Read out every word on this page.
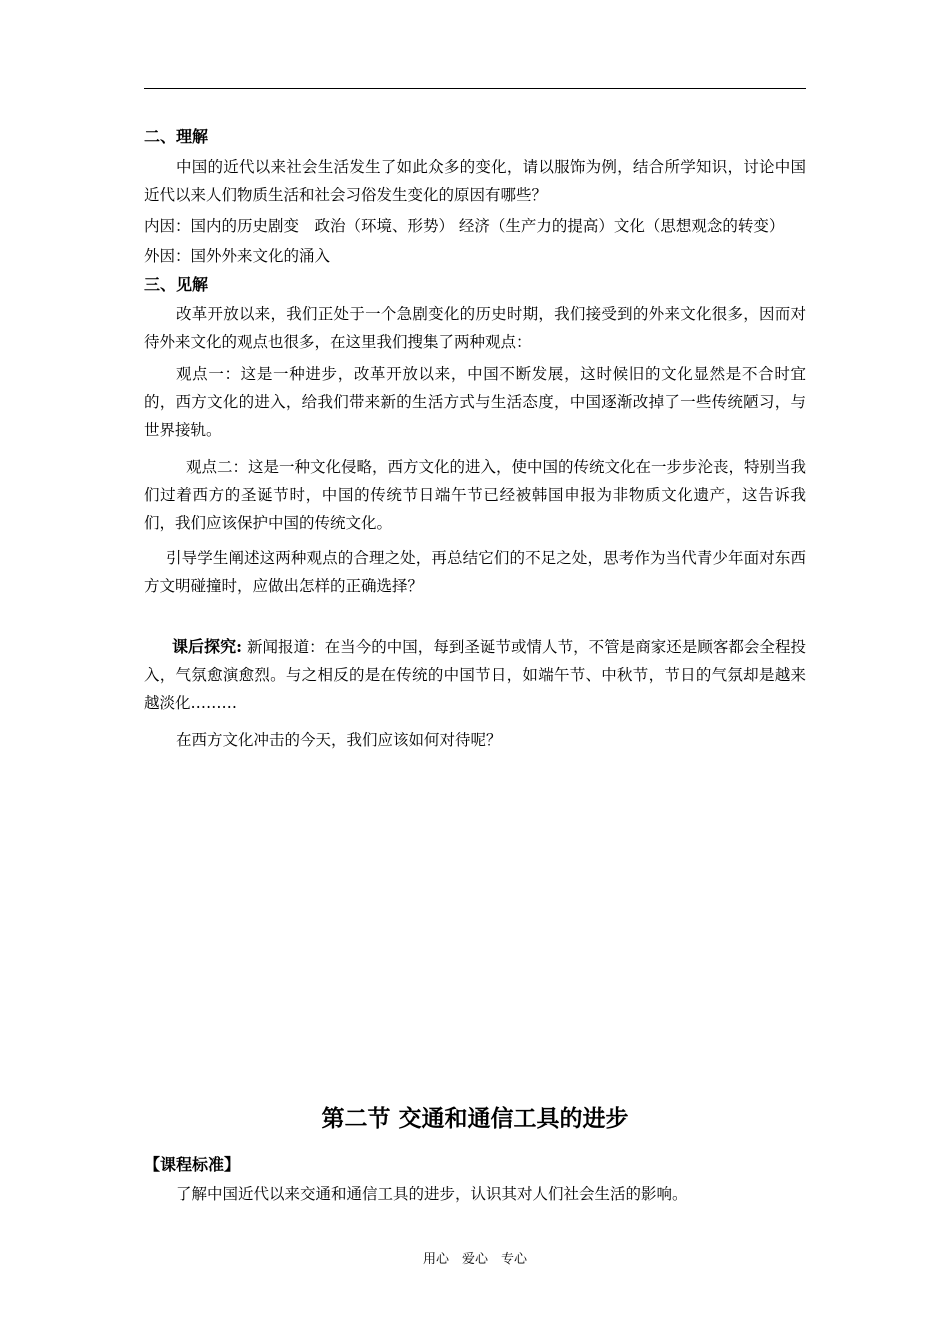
二、理解
中国的近代以来社会生活发生了如此众多的变化，请以服饰为例，结合所学知识，讨论中国近代以来人们物质生活和社会习俗发生变化的原因有哪些？
内因：国内的历史剧变　政治（环境、形势） 经济（生产力的提高）文化（思想观念的转变）
外因：国外外来文化的涌入
三、见解
改革开放以来，我们正处于一个急剧变化的历史时期，我们接受到的外来文化很多，因而对待外来文化的观点也很多，在这里我们搜集了两种观点：
观点一：这是一种进步，改革开放以来，中国不断发展，这时候旧的文化显然是不合时宜的，西方文化的进入，给我们带来新的生活方式与生活态度，中国逐渐改掉了一些传统陋习，与世界接轨。
观点二：这是一种文化侵略，西方文化的进入，使中国的传统文化在一步步沦丧，特别当我们过着西方的圣诞节时，中国的传统节日端午节已经被韩国申报为非物质文化遗产，这告诉我们，我们应该保护中国的传统文化。
引导学生阐述这两种观点的合理之处，再总结它们的不足之处，思考作为当代青少年面对东西方文明碰撞时，应做出怎样的正确选择？
课后探究: 新闻报道：在当今的中国，每到圣诞节或情人节，不管是商家还是顾客都会全程投入，气氛愈演愈烈。与之相反的是在传统的中国节日，如端午节、中秋节，节日的气氛却是越来越淡化………
在西方文化冲击的今天，我们应该如何对待呢？
第二节 交通和通信工具的进步
【课程标准】
了解中国近代以来交通和通信工具的进步，认识其对人们社会生活的影响。
用心　爱心　专心
